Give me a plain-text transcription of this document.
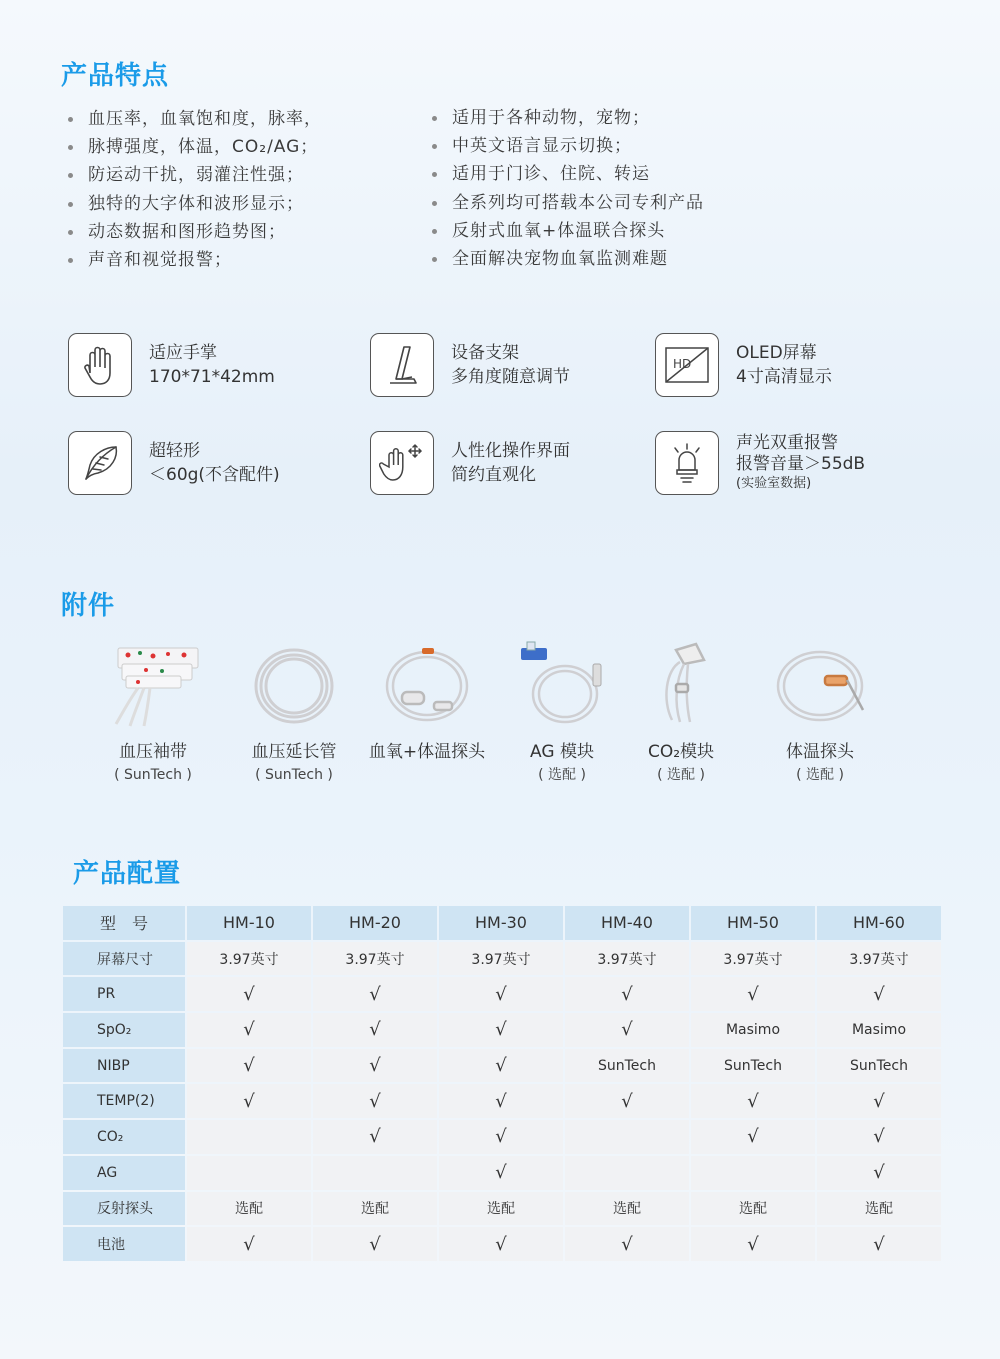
产品特点
血压率，血氧饱和度，脉率，
脉搏强度，体温，CO₂/AG；
防运动干扰，弱灌注性强；
独特的大字体和波形显示；
动态数据和图形趋势图；
声音和视觉报警；
适用于各种动物，宠物；
中英文语言显示切换；
适用于门诊、住院、转运
全系列均可搭载本公司专利产品
反射式血氧+体温联合探头
全面解决宠物血氧监测难题
适应手掌
170*71*42mm
设备支架
多角度随意调节
HD
OLED屏幕
4寸高清显示
超轻形
＜60g(不含配件)
人性化操作界面
简约直观化
声光双重报警
报警音量＞55dB
(实验室数据)
附件
血压袖带
( SunTech )
血压延长管
( SunTech )
血氧+体温探头	AG 模块
( 选配 )
CO₂模块
( 选配 )
体温探头
( 选配 )
产品配置
型　号	HM-10	HM-20	HM-30	HM-40	HM-50	HM-60
屏幕尺寸	3.97英寸	3.97英寸	3.97英寸	3.97英寸	3.97英寸	3.97英寸
PR	√	√	√	√	√	√
SpO₂	√	√	√	√	Masimo	Masimo
NIBP	√	√	√	SunTech	SunTech	SunTech
TEMP(2)	√	√	√	√	√	√
CO₂		√	√		√	√
AG			√			√
反射探头	选配	选配	选配	选配	选配	选配
电池	√	√	√	√	√	√
